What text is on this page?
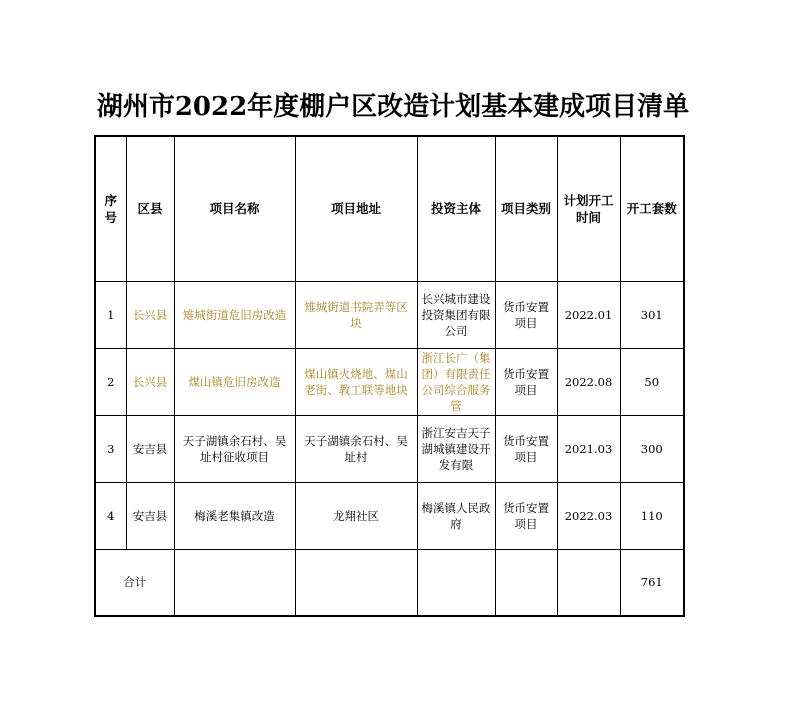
湖州市2022年度棚户区改造计划基本建成项目清单
序号	区县	项目名称	项目地址	投资主体	项目类别	计划开工时间	开工套数
1	长兴县	雉城街道危旧房改造	雉城街道书院弄等区块	长兴城市建设投资集团有限公司	货币安置项目	2022.01	301
2	长兴县	煤山镇危旧房改造	煤山镇火烧地、煤山老街、教工联等地块	浙江长广（集团）有限责任公司综合服务管	货币安置项目	2022.08	50
3	安吉县	天子湖镇余石村、吴址村征收项目	天子湖镇余石村、吴址村	浙江安吉天子湖城镇建设开发有限	货币安置项目	2021.03	300
4	安吉县	梅溪老集镇改造	龙翔社区	梅溪镇人民政府	货币安置项目	2022.03	110
合计							761
